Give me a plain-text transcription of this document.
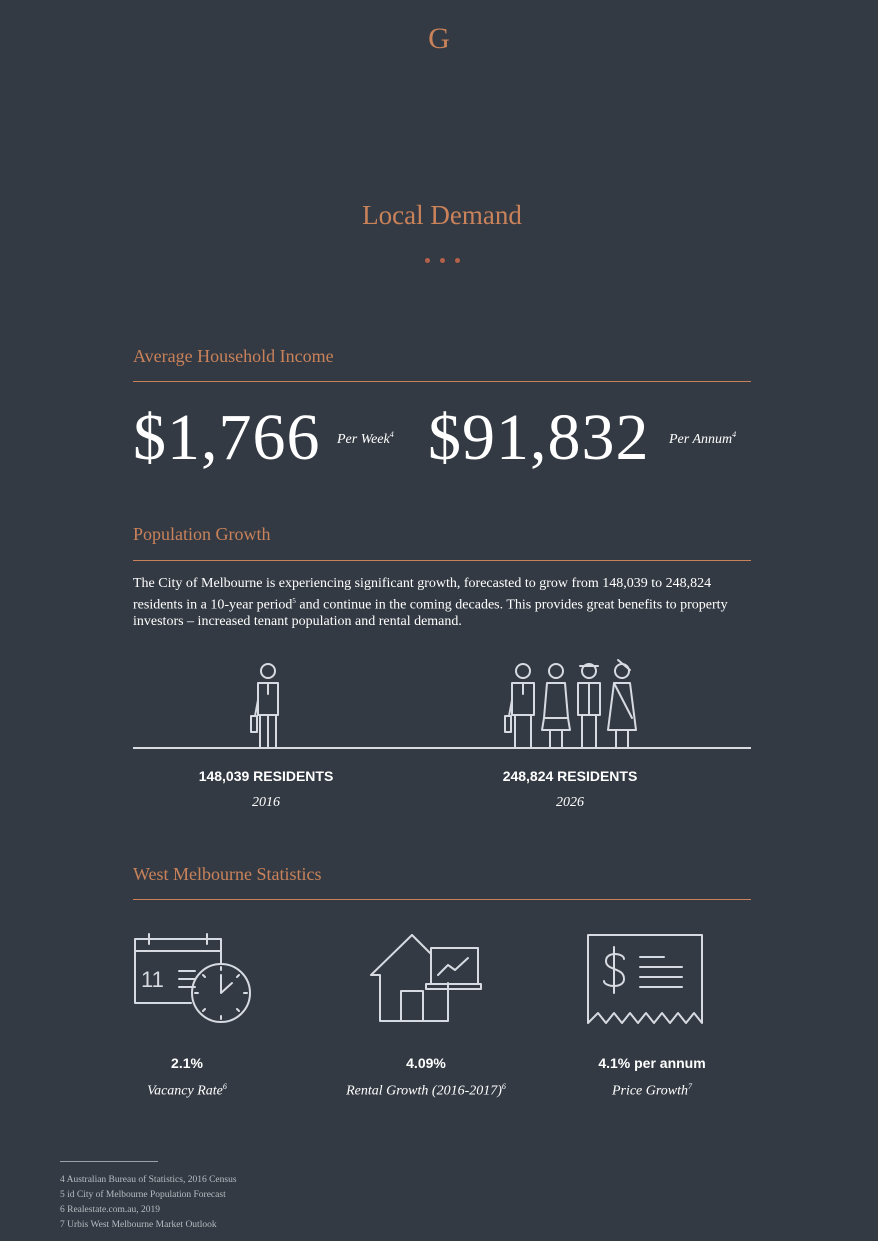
G
Local Demand
Average Household Income
$1,766 Per Week$^4$ $91,832 Per Annum$^4$
Population Growth
The City of Melbourne is experiencing significant growth, forecasted to grow from 148,039 to 248,824 residents in a 10-year period$^5$ and continue in the coming decades. This provides great benefits to property investors – increased tenant population and rental demand.
148,039 RESIDENTS
2016
248,824 RESIDENTS
2026
West Melbourne Statistics
11
2.1%
Vacancy Rate$^6$
4.09%
Rental Growth (2016-2017)$^6$
4.1% per annum
Price Growth$^7$
4 Australian Bureau of Statistics, 2016 Census
5 id City of Melbourne Population Forecast
6 Realestate.com.au, 2019
7 Urbis West Melbourne Market Outlook
